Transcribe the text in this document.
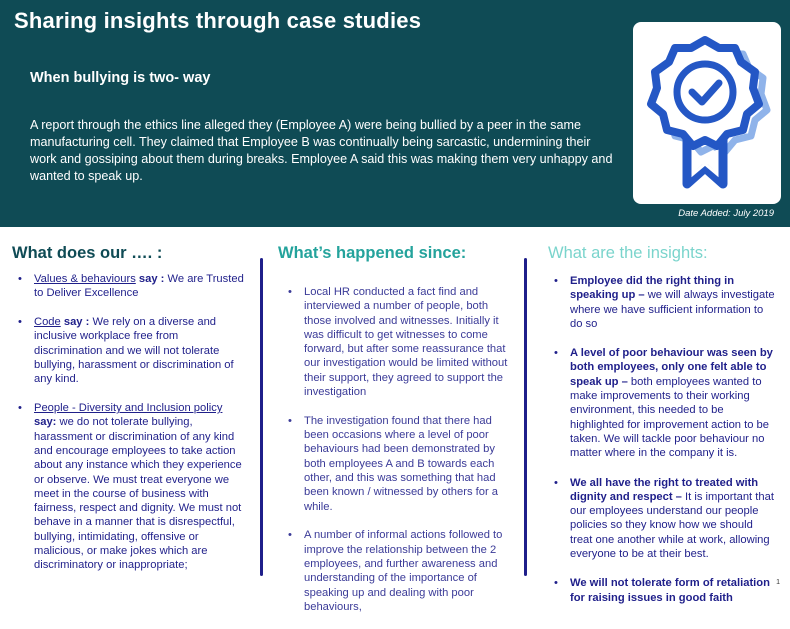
Sharing insights through case studies
When bullying is two- way
A report through the ethics line alleged they (Employee A) were being bullied by a peer in the same manufacturing cell. They claimed that Employee B was continually being sarcastic, undermining their work and gossiping about them during breaks. Employee A said this was making them very unhappy and wanted to speak up.
Date Added: July 2019
What does our …. :	What’s happened since:	What are the insights:
• Values & behaviours say : We are Trusted to Deliver Excellence
• Code say : We rely on a diverse and inclusive workplace free from discrimination and we will not tolerate bullying, harassment or discrimination of any kind.
• People - Diversity and Inclusion policy say: we do not tolerate bullying, harassment or discrimination of any kind and encourage employees to take action about any instance which they experience or observe. We must treat everyone we meet in the course of business with fairness, respect and dignity. We must not behave in a manner that is disrespectful, bullying, intimidating, offensive or malicious, or make jokes which are discriminatory or inappropriate;
• Local HR conducted a fact find and interviewed a number of people, both those involved and witnesses. Initially it was difficult to get witnesses to come forward, but after some reassurance that our investigation would be limited without their support, they agreed to support the investigation
• The investigation found that there had been occasions where a level of poor behaviours had been demonstrated by both employees A and B towards each other, and this was something that had been known / witnessed by others for a while.
• A number of informal actions followed to improve the relationship between the 2 employees, and further awareness and understanding of the importance of speaking up and dealing with poor behaviours,
• Employee did the right thing in speaking up – we will always investigate where we have sufficient information to do so
• A level of poor behaviour was seen by both employees, only one felt able to speak up – both employees wanted to make improvements to their working environment, this needed to be highlighted for improvement action to be taken. We will tackle poor behaviour no matter where in the company it is.
• We all have the right to treated with dignity and respect – It is important that our employees understand our people policies so they know how we should treat one another while at work, allowing everyone to be at their best.
• We will not tolerate form of retaliation for raising issues in good faith
1
